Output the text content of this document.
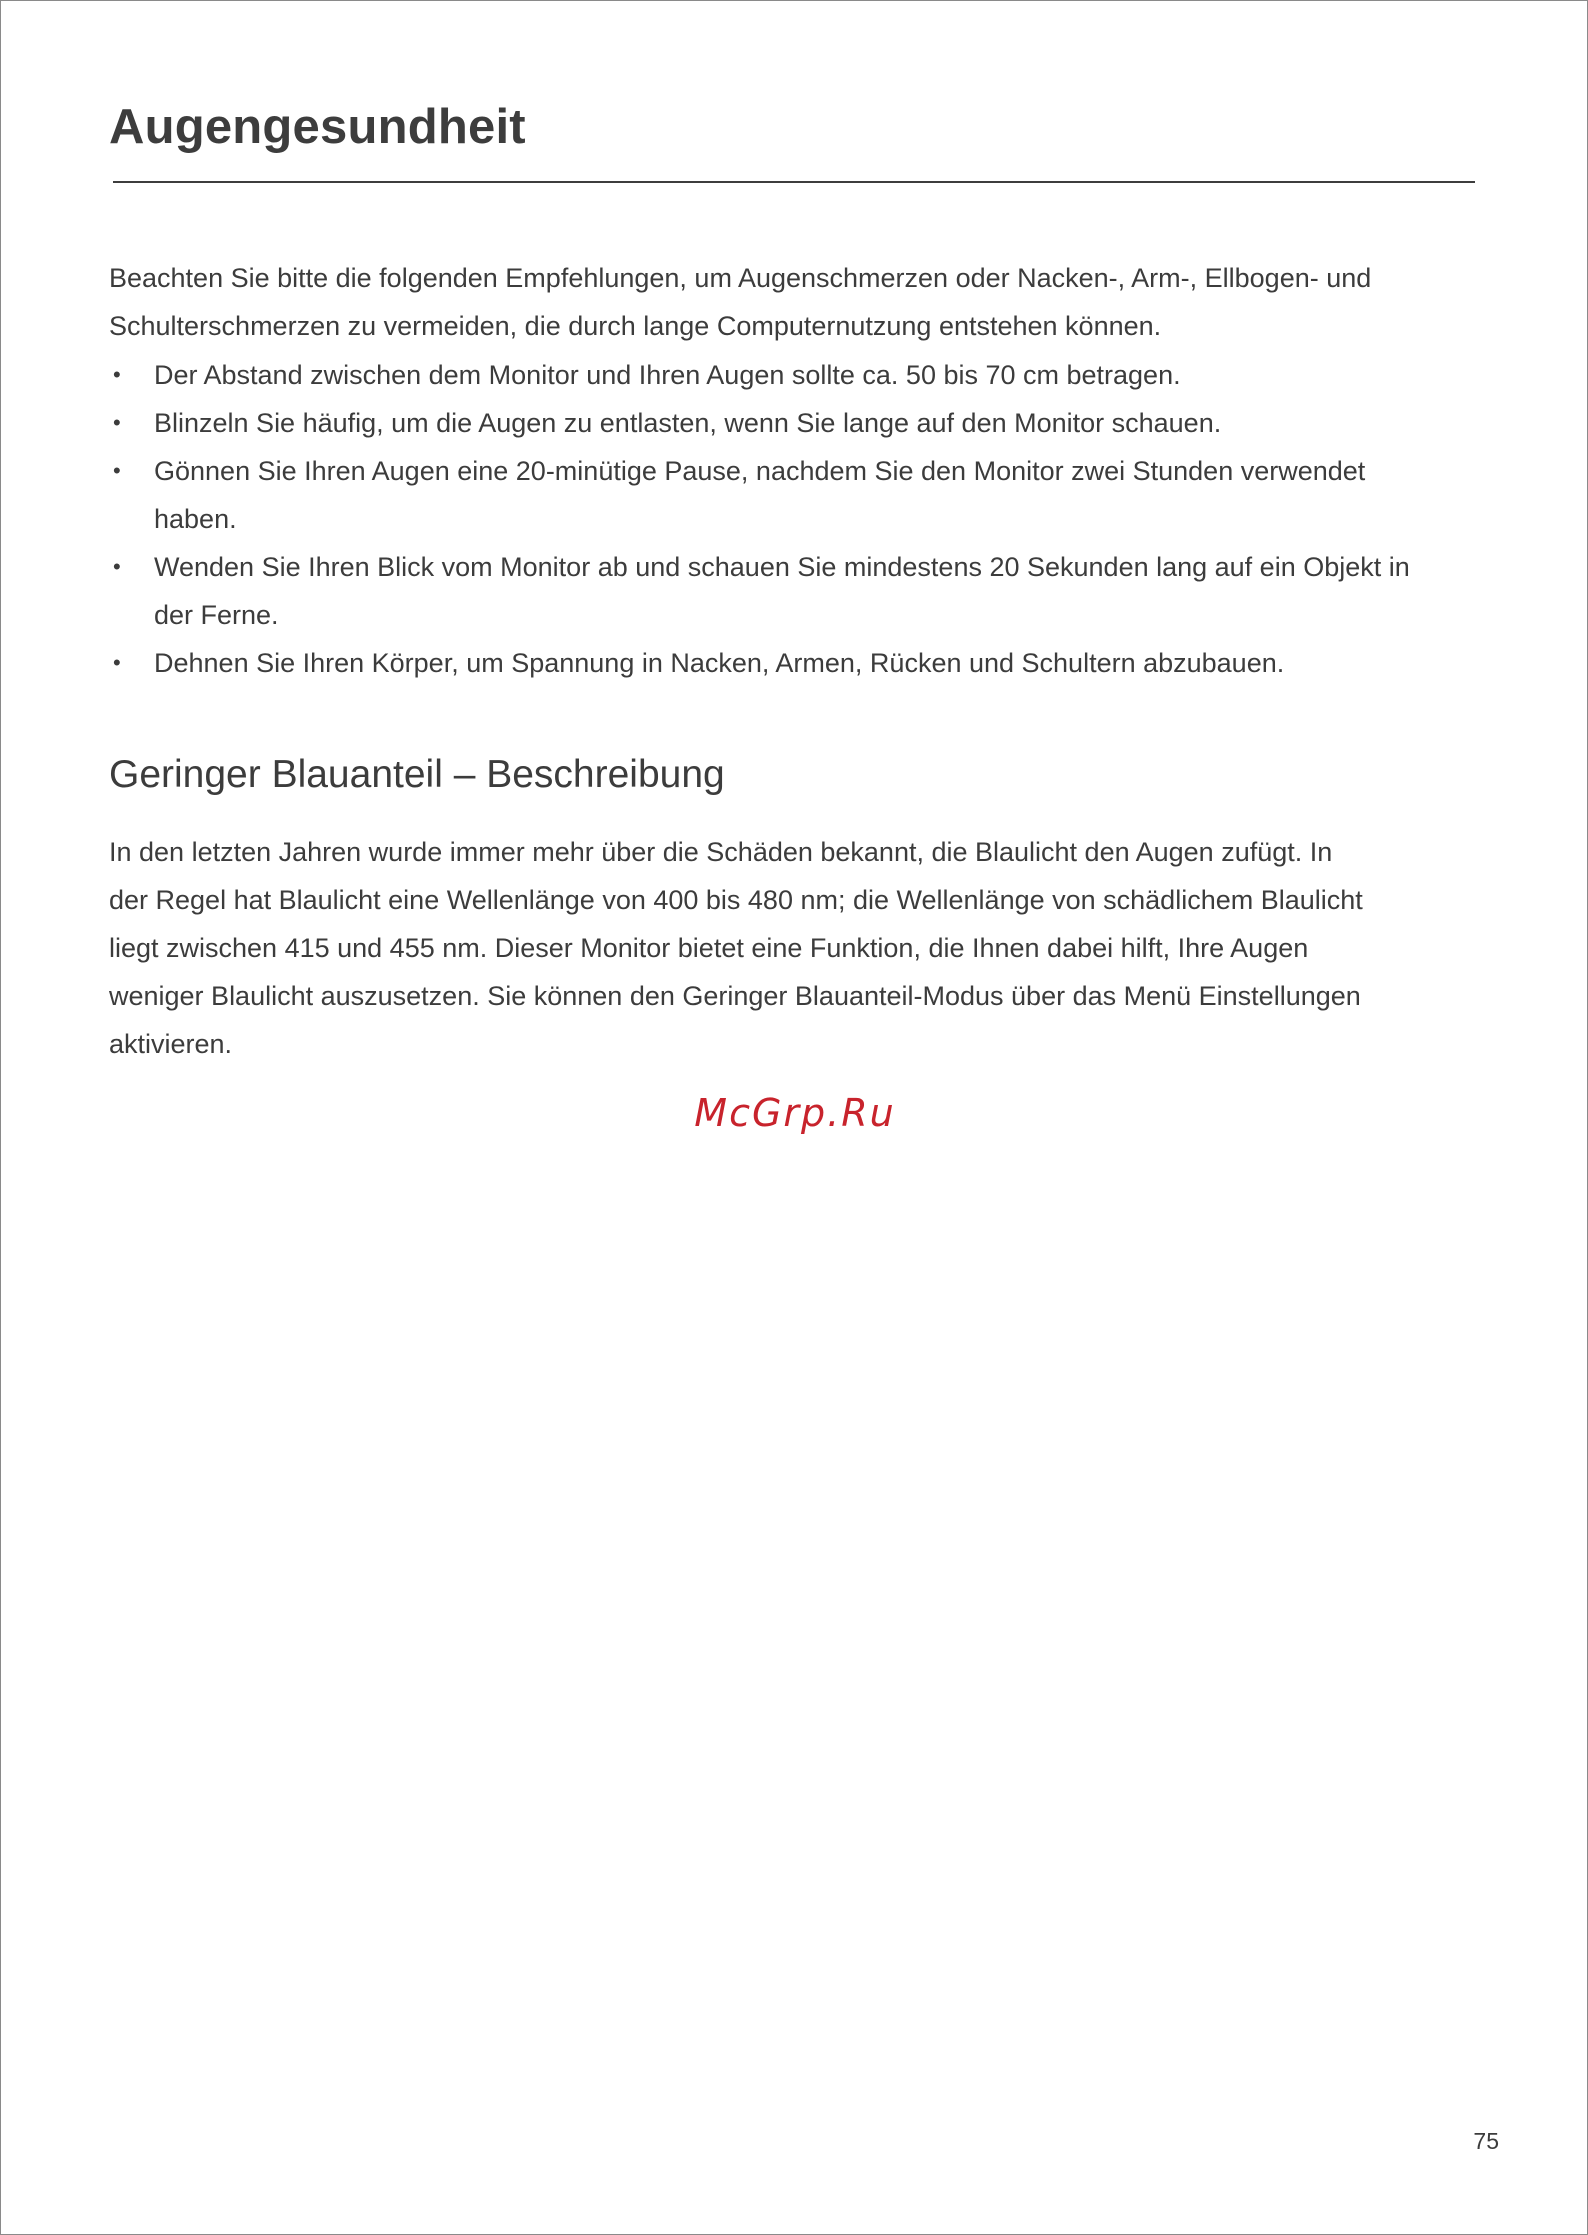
Augengesundheit

Beachten Sie bitte die folgenden Empfehlungen, um Augenschmerzen oder Nacken-, Arm-, Ellbogen- und
Schulterschmerzen zu vermeiden, die durch lange Computernutzung entstehen können.

• Der Abstand zwischen dem Monitor und Ihren Augen sollte ca. 50 bis 70 cm betragen.
• Blinzeln Sie häufig, um die Augen zu entlasten, wenn Sie lange auf den Monitor schauen.
• Gönnen Sie Ihren Augen eine 20-minütige Pause, nachdem Sie den Monitor zwei Stunden verwendet
haben.
• Wenden Sie Ihren Blick vom Monitor ab und schauen Sie mindestens 20 Sekunden lang auf ein Objekt in
der Ferne.
• Dehnen Sie Ihren Körper, um Spannung in Nacken, Armen, Rücken und Schultern abzubauen.
Geringer Blauanteil – Beschreibung

In den letzten Jahren wurde immer mehr über die Schäden bekannt, die Blaulicht den Augen zufügt. In
der Regel hat Blaulicht eine Wellenlänge von 400 bis 480 nm; die Wellenlänge von schädlichem Blaulicht
liegt zwischen 415 und 455 nm. Dieser Monitor bietet eine Funktion, die Ihnen dabei hilft, Ihre Augen
weniger Blaulicht auszusetzen. Sie können den Geringer Blauanteil-Modus über das Menü Einstellungen
aktivieren.

McGrp.Ru
75
